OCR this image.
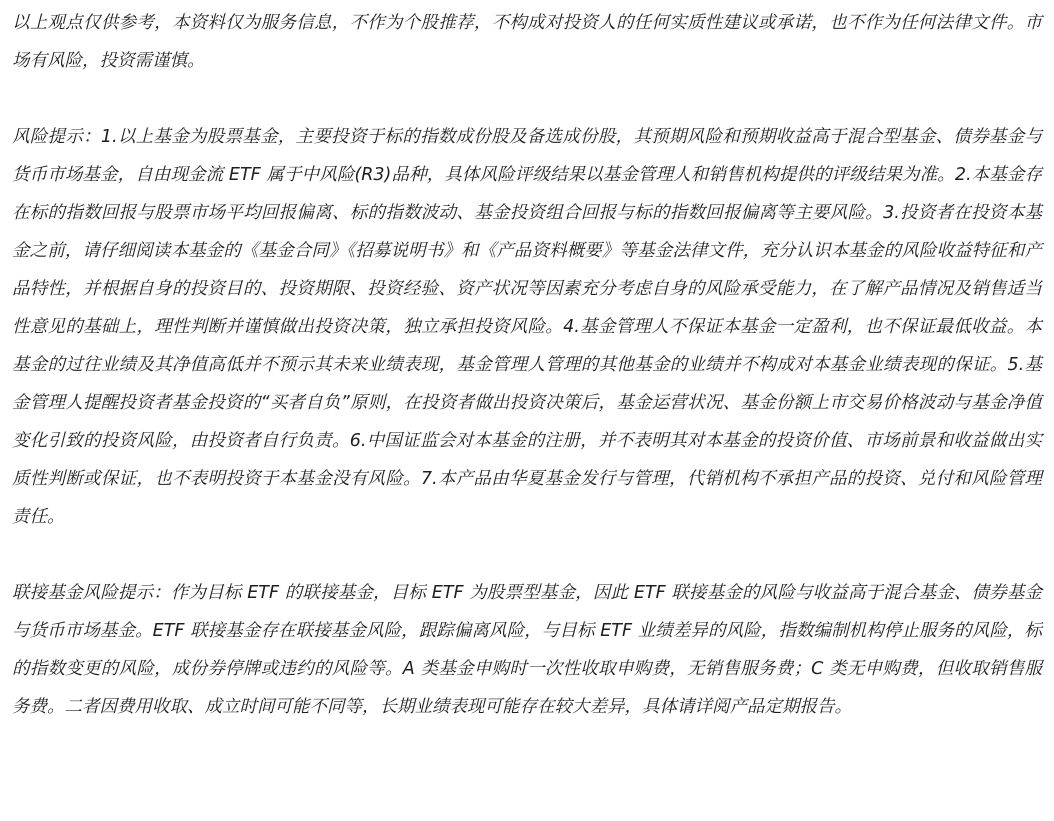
以上观点仅供参考，本资料仅为服务信息，不作为个股推荐，不构成对投资人的任何实质性建议或承诺，也不作为任何法律文件。市场有风险，投资需谨慎。

风险提示：1.以上基金为股票基金，主要投资于标的指数成份股及备选成份股，其预期风险和预期收益高于混合型基金、债券基金与货币市场基金，自由现金流 ETF 属于中风险(R3)品种，具体风险评级结果以基金管理人和销售机构提供的评级结果为准。2.本基金存在标的指数回报与股票市场平均回报偏离、标的指数波动、基金投资组合回报与标的指数回报偏离等主要风险。3.投资者在投资本基金之前，请仔细阅读本基金的《基金合同》《招募说明书》和《产品资料概要》等基金法律文件，充分认识本基金的风险收益特征和产品特性，并根据自身的投资目的、投资期限、投资经验、资产状况等因素充分考虑自身的风险承受能力，在了解产品情况及销售适当性意见的基础上，理性判断并谨慎做出投资决策，独立承担投资风险。4.基金管理人不保证本基金一定盈利，也不保证最低收益。本基金的过往业绩及其净值高低并不预示其未来业绩表现，基金管理人管理的其他基金的业绩并不构成对本基金业绩表现的保证。5.基金管理人提醒投资者基金投资的“买者自负”原则，在投资者做出投资决策后，基金运营状况、基金份额上市交易价格波动与基金净值变化引致的投资风险，由投资者自行负责。6.中国证监会对本基金的注册，并不表明其对本基金的投资价值、市场前景和收益做出实质性判断或保证，也不表明投资于本基金没有风险。7.本产品由华夏基金发行与管理，代销机构不承担产品的投资、兑付和风险管理责任。

联接基金风险提示：作为目标 ETF 的联接基金，目标 ETF 为股票型基金，因此 ETF 联接基金的风险与收益高于混合基金、债券基金与货币市场基金。ETF 联接基金存在联接基金风险，跟踪偏离风险，与目标 ETF 业绩差异的风险，指数编制机构停止服务的风险，标的指数变更的风险，成份券停牌或违约的风险等。A 类基金申购时一次性收取申购费，无销售服务费；C 类无申购费，但收取销售服务费。二者因费用收取、成立时间可能不同等，长期业绩表现可能存在较大差异，具体请详阅产品定期报告。
